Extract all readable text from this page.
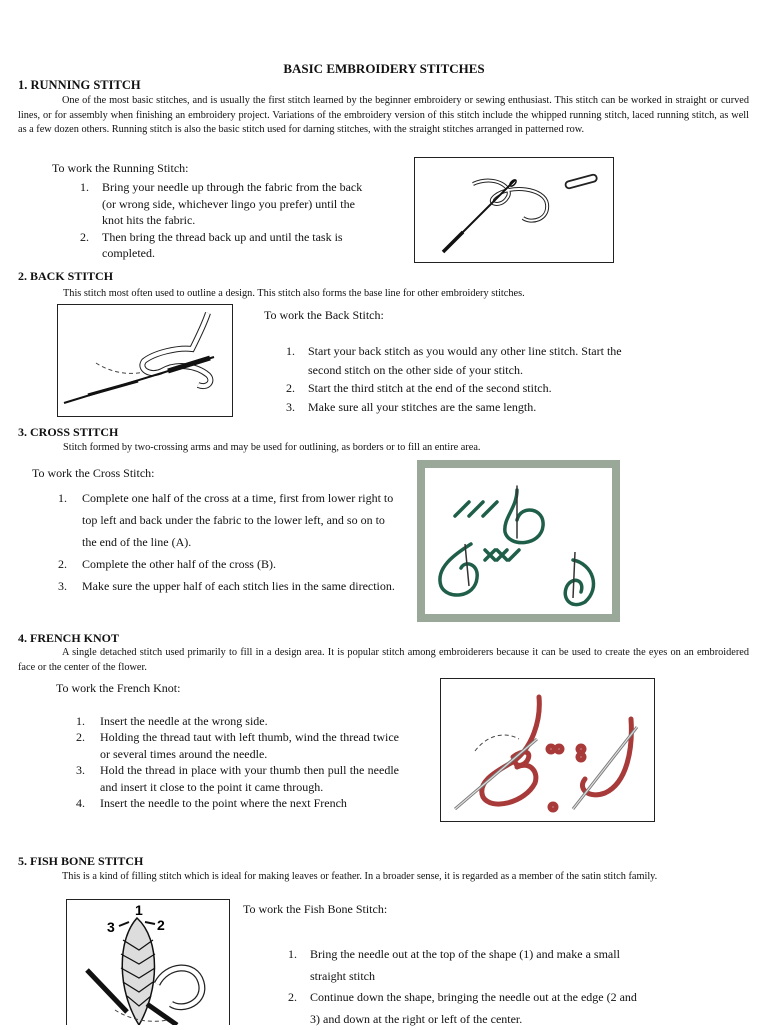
BASIC EMBROIDERY STITCHES
1. RUNNING STITCH
One of the most basic stitches, and is usually the first stitch learned by the beginner embroidery or sewing enthusiast. This stitch can be worked in straight or curved lines, or for assembly when finishing an embroidery project. Variations of the embroidery version of this stitch include the whipped running stitch, laced running stitch, as well as a few dozen others. Running stitch is also the basic stitch used for darning stitches, with the straight stitches arranged in patterned row.
To work the Running Stitch:
1. Bring your needle up through the fabric from the back (or wrong side, whichever lingo you prefer) until the knot hits the fabric.
2. Then bring the thread back up and until the task is completed.
2. BACK STITCH
This stitch most often used to outline a design. This stitch also forms the base line for other embroidery stitches.
To work the Back Stitch:
1. Start your back stitch as you would any other line stitch. Start the second stitch on the other side of your stitch.
2. Start the third stitch at the end of the second stitch.
3. Make sure all your stitches are the same length.
3. CROSS STITCH
Stitch formed by two-crossing arms and may be used for outlining, as borders or to fill an entire area.
To work the Cross Stitch:
1. Complete one half of the cross at a time, first from lower right to top left and back under the fabric to the lower left, and so on to the end of the line (A).
2. Complete the other half of the cross (B).
3. Make sure the upper half of each stitch lies in the same direction.
4. FRENCH KNOT
A single detached stitch used primarily to fill in a design area. It is popular stitch among embroiderers because it can be used to create the eyes on an embroidered face or the center of the flower.
To work the French Knot:
1. Insert the needle at the wrong side.
2. Holding the thread taut with left thumb, wind the thread twice or several times around the needle.
3. Hold the thread in place with your thumb then pull the needle and insert it close to the point it came through.
4. Insert the needle to the point where the next French
5. FISH BONE STITCH
This is a kind of filling stitch which is ideal for making leaves or feather. In a broader sense, it is regarded as a member of the satin stitch family.
1
3	2
To work the Fish Bone Stitch:
1. Bring the needle out at the top of the shape (1) and make a small straight stitch
2. Continue down the shape, bringing the needle out at the edge (2 and 3) and down at the right or left of the center.
